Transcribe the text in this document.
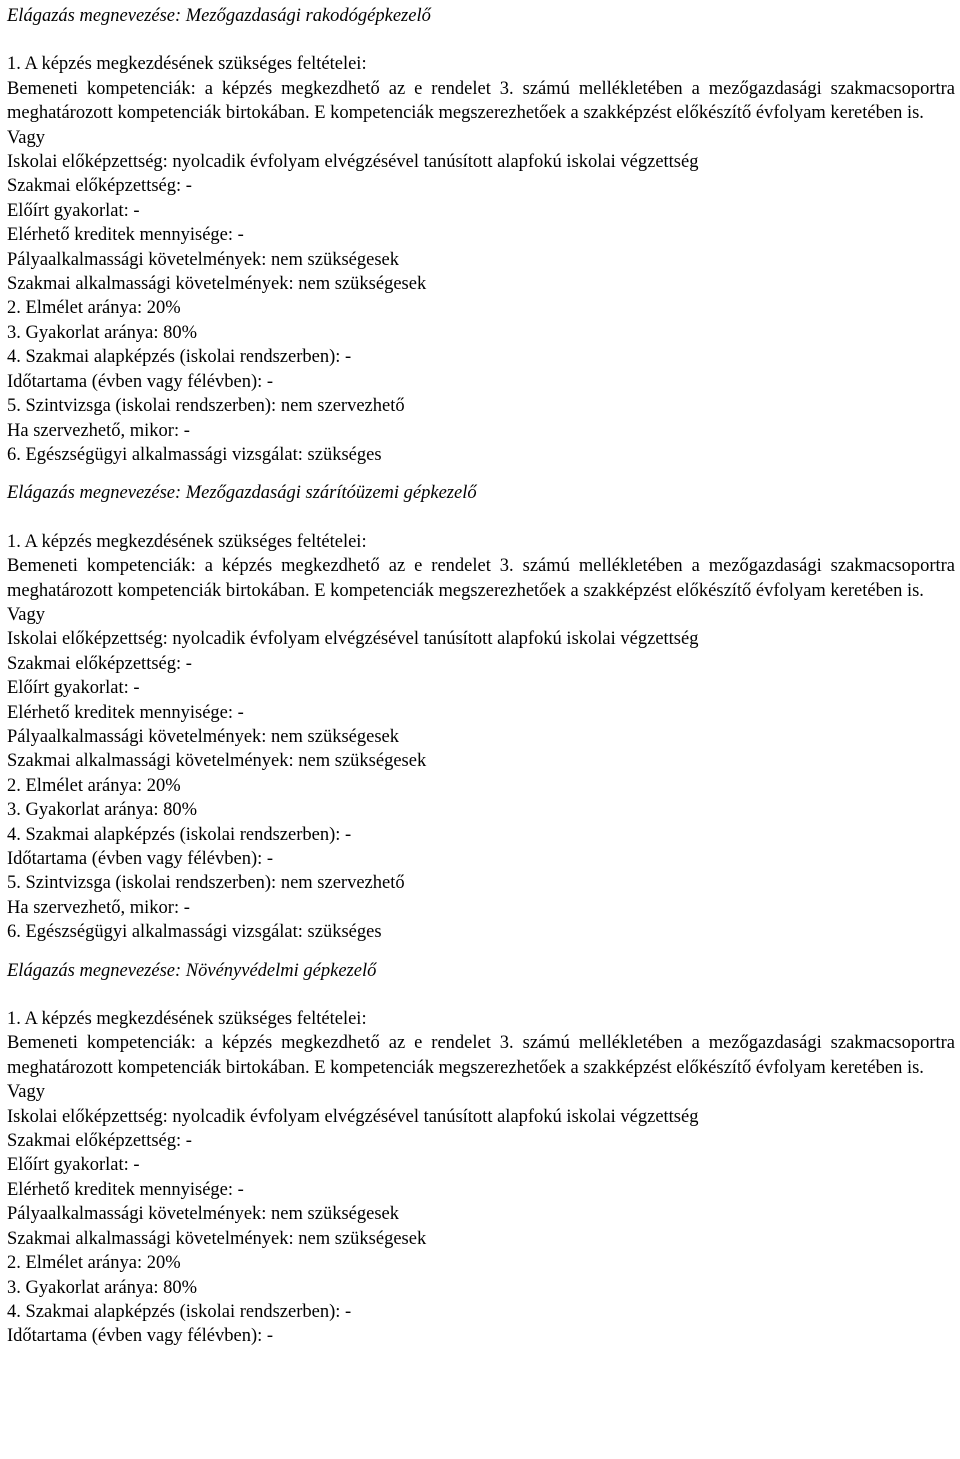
Elágazás megnevezése: Mezőgazdasági rakodógépkezelő
1. A képzés megkezdésének szükséges feltételei:
Bemeneti kompetenciák: a képzés megkezdhető az e rendelet 3. számú mellékletében a mezőgazdasági szakmacsoportra meghatározott kompetenciák birtokában. E kompetenciák megszerezhetőek a szakképzést előkészítő évfolyam keretében is.
Vagy
Iskolai előképzettség: nyolcadik évfolyam elvégzésével tanúsított alapfokú iskolai végzettség
Szakmai előképzettség: -
Előírt gyakorlat: -
Elérhető kreditek mennyisége: -
Pályaalkalmassági követelmények: nem szükségesek
Szakmai alkalmassági követelmények: nem szükségesek
2. Elmélet aránya: 20%
3. Gyakorlat aránya: 80%
4. Szakmai alapképzés (iskolai rendszerben): -
Időtartama (évben vagy félévben): -
5. Szintvizsga (iskolai rendszerben): nem szervezhető
Ha szervezhető, mikor: -
6. Egészségügyi alkalmassági vizsgálat: szükséges
Elágazás megnevezése: Mezőgazdasági szárítóüzemi gépkezelő
1. A képzés megkezdésének szükséges feltételei:
Bemeneti kompetenciák: a képzés megkezdhető az e rendelet 3. számú mellékletében a mezőgazdasági szakmacsoportra meghatározott kompetenciák birtokában. E kompetenciák megszerezhetőek a szakképzést előkészítő évfolyam keretében is.
Vagy
Iskolai előképzettség: nyolcadik évfolyam elvégzésével tanúsított alapfokú iskolai végzettség
Szakmai előképzettség: -
Előírt gyakorlat: -
Elérhető kreditek mennyisége: -
Pályaalkalmassági követelmények: nem szükségesek
Szakmai alkalmassági követelmények: nem szükségesek
2. Elmélet aránya: 20%
3. Gyakorlat aránya: 80%
4. Szakmai alapképzés (iskolai rendszerben): -
Időtartama (évben vagy félévben): -
5. Szintvizsga (iskolai rendszerben): nem szervezhető
Ha szervezhető, mikor: -
6. Egészségügyi alkalmassági vizsgálat: szükséges
Elágazás megnevezése: Növényvédelmi gépkezelő
1. A képzés megkezdésének szükséges feltételei:
Bemeneti kompetenciák: a képzés megkezdhető az e rendelet 3. számú mellékletében a mezőgazdasági szakmacsoportra meghatározott kompetenciák birtokában. E kompetenciák megszerezhetőek a szakképzést előkészítő évfolyam keretében is.
Vagy
Iskolai előképzettség: nyolcadik évfolyam elvégzésével tanúsított alapfokú iskolai végzettség
Szakmai előképzettség: -
Előírt gyakorlat: -
Elérhető kreditek mennyisége: -
Pályaalkalmassági követelmények: nem szükségesek
Szakmai alkalmassági követelmények: nem szükségesek
2. Elmélet aránya: 20%
3. Gyakorlat aránya: 80%
4. Szakmai alapképzés (iskolai rendszerben): -
Időtartama (évben vagy félévben): -
